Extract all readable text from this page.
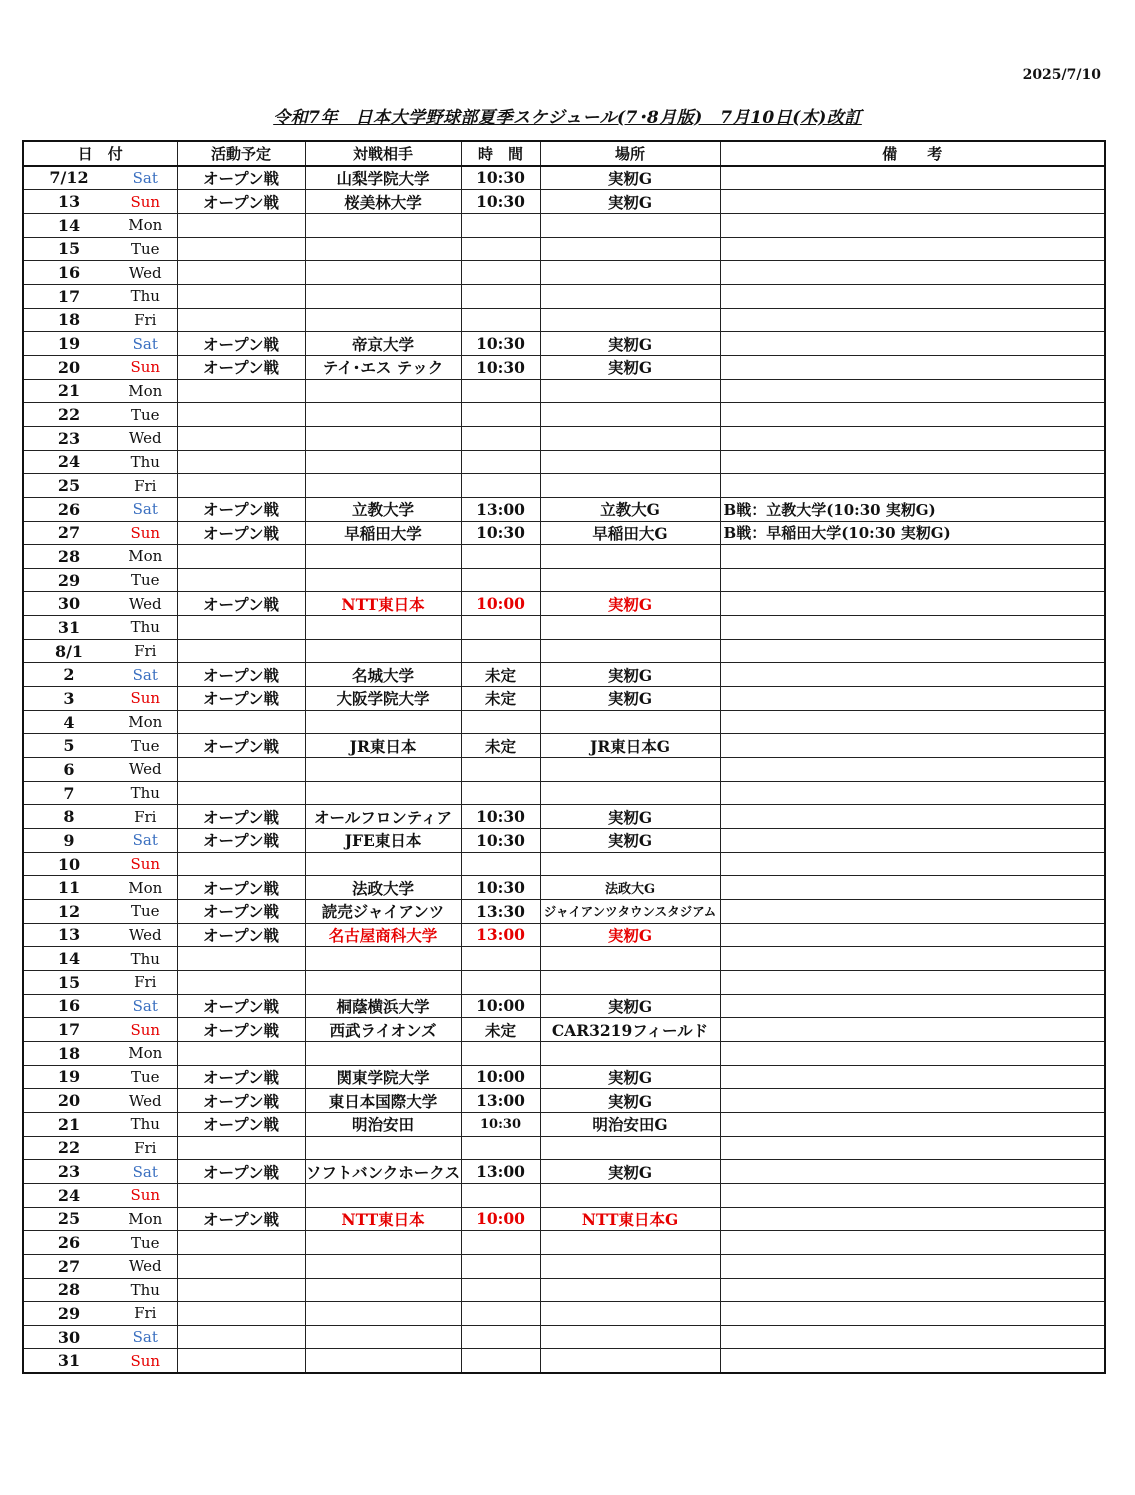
2025/7/10
令和7年　日本大学野球部夏季スケジュール(7･8月版)　7月10日(木)改訂
日　付		活動予定	対戦相手	時　間	場所	備　　考
7/12	Sat	オープン戦	山梨学院大学	10:30	実籾G	
13	Sun	オープン戦	桜美林大学	10:30	実籾G	
14	Mon					
15	Tue					
16	Wed					
17	Thu					
18	Fri					
19	Sat	オープン戦	帝京大学	10:30	実籾G	
20	Sun	オープン戦	テイ･エス テック	10:30	実籾G	
21	Mon					
22	Tue					
23	Wed					
24	Thu					
25	Fri					
26	Sat	オープン戦	立教大学	13:00	立教大G	B戦：立教大学(10:30 実籾G)
27	Sun	オープン戦	早稲田大学	10:30	早稲田大G	B戦：早稲田大学(10:30 実籾G)
28	Mon					
29	Tue					
30	Wed	オープン戦	NTT東日本	10:00	実籾G	
31	Thu					
8/1	Fri					
2	Sat	オープン戦	名城大学	未定	実籾G	
3	Sun	オープン戦	大阪学院大学	未定	実籾G	
4	Mon					
5	Tue	オープン戦	JR東日本	未定	JR東日本G	
6	Wed					
7	Thu					
8	Fri	オープン戦	オールフロンティア	10:30	実籾G	
9	Sat	オープン戦	JFE東日本	10:30	実籾G	
10	Sun					
11	Mon	オープン戦	法政大学	10:30	法政大G	
12	Tue	オープン戦	読売ジャイアンツ	13:30	ジャイアンツタウンスタジアム	
13	Wed	オープン戦	名古屋商科大学	13:00	実籾G	
14	Thu					
15	Fri					
16	Sat	オープン戦	桐蔭横浜大学	10:00	実籾G	
17	Sun	オープン戦	西武ライオンズ	未定	CAR3219フィールド	
18	Mon					
19	Tue	オープン戦	関東学院大学	10:00	実籾G	
20	Wed	オープン戦	東日本国際大学	13:00	実籾G	
21	Thu	オープン戦	明治安田	10:30	明治安田G	
22	Fri					
23	Sat	オープン戦	ソフトバンクホークス	13:00	実籾G	
24	Sun					
25	Mon	オープン戦	NTT東日本	10:00	NTT東日本G	
26	Tue					
27	Wed					
28	Thu					
29	Fri					
30	Sat					
31	Sun					
